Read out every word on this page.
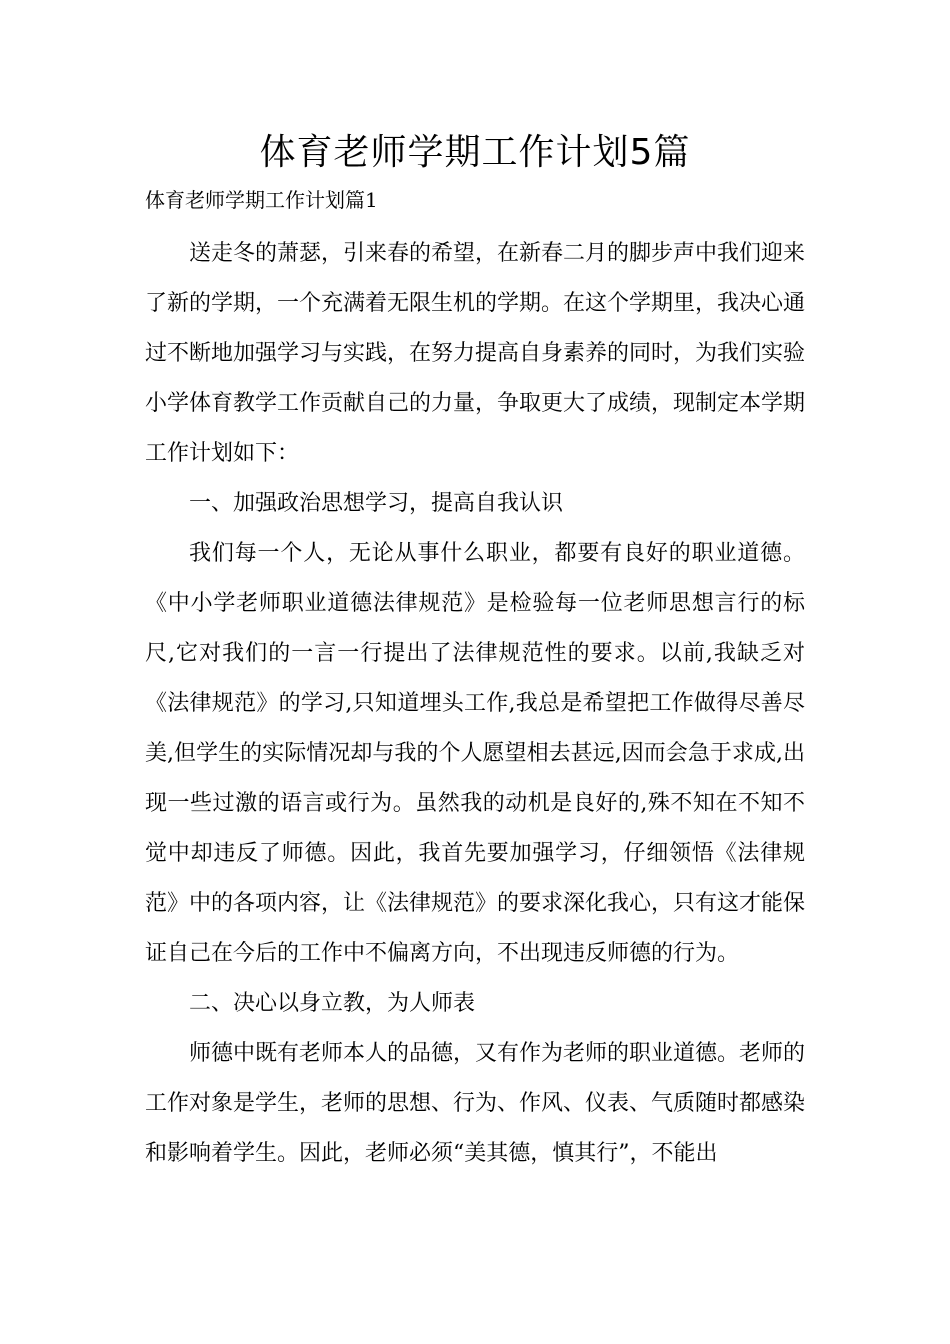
体育老师学期工作计划5篇
体育老师学期工作计划篇1

送走冬的萧瑟，引来春的希望，在新春二月的脚步声中我们迎来了新的学期，一个充满着无限生机的学期。在这个学期里，我决心通过不断地加强学习与实践，在努力提高自身素养的同时，为我们实验小学体育教学工作贡献自己的力量，争取更大了成绩，现制定本学期工作计划如下：

一、加强政治思想学习，提高自我认识

我们每一个人，无论从事什么职业，都要有良好的职业道德。《中小学老师职业道德法律规范》是检验每一位老师思想言行的标尺,它对我们的一言一行提出了法律规范性的要求。以前,我缺乏对《法律规范》的学习,只知道埋头工作,我总是希望把工作做得尽善尽美,但学生的实际情况却与我的个人愿望相去甚远,因而会急于求成,出现一些过激的语言或行为。虽然我的动机是良好的,殊不知在不知不觉中却违反了师德。因此，我首先要加强学习，仔细领悟《法律规范》中的各项内容，让《法律规范》的要求深化我心，只有这才能保证自己在今后的工作中不偏离方向，不出现违反师德的行为。

二、决心以身立教，为人师表

师德中既有老师本人的品德，又有作为老师的职业道德。老师的工作对象是学生，老师的思想、行为、作风、仪表、气质随时都感染和影响着学生。因此，老师必须“美其德，慎其行”，不能出
